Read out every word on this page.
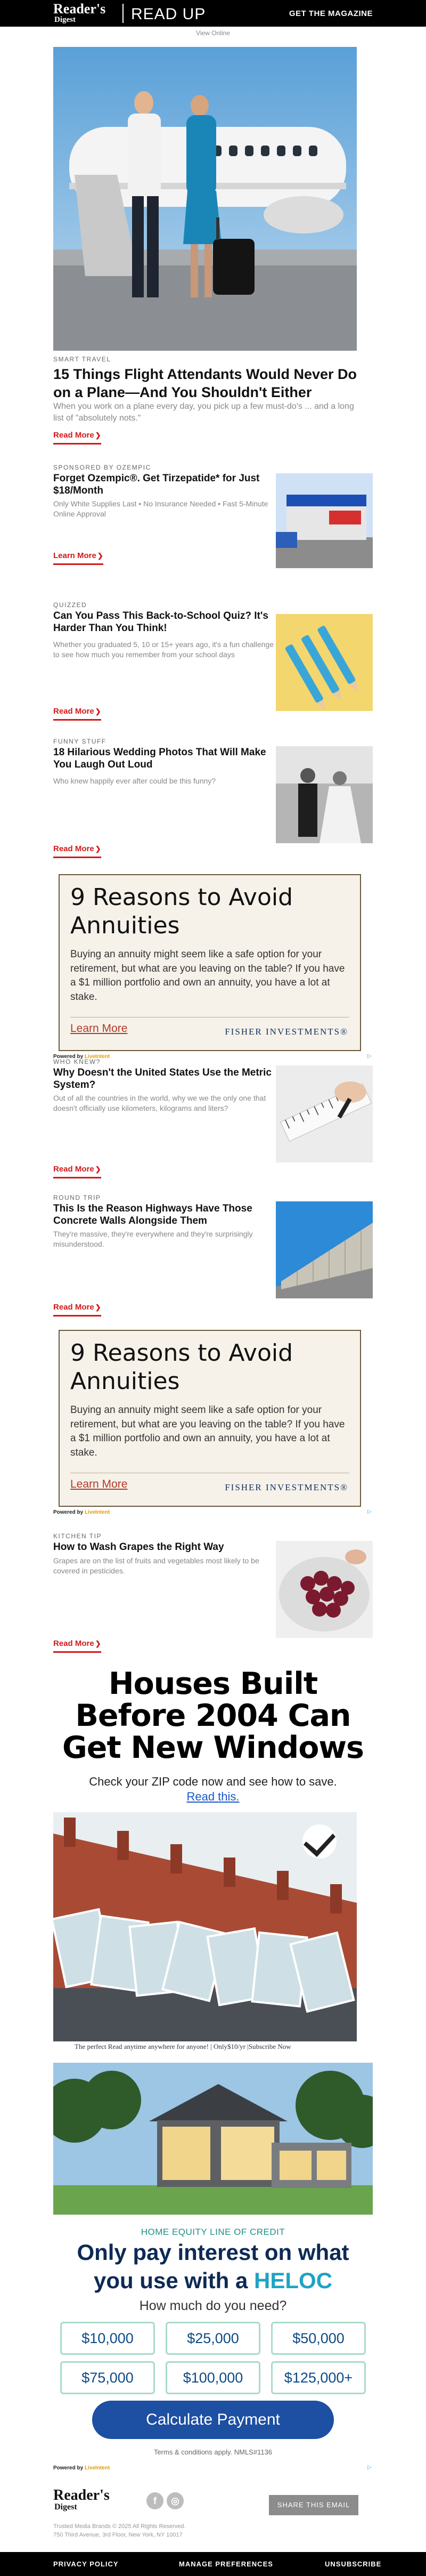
Reader's
Digest	READ UP	GET THE MAGAZINE
View Online
SMART TRAVEL
15 Things Flight Attendants Would Never Do on a Plane—And You Shouldn't Either
When you work on a plane every day, you pick up a few must-do's ... and a long list of "absolutely nots."
Read More ❯
SPONSORED BY OZEMPIC
Forget Ozempic®. Get Tirzepatide* for Just $18/Month
Only White Supplies Last • No Insurance Needed • Fast 5-Minute Online Approval
Learn More ❯
QUIZZED
Can You Pass This Back-to-School Quiz? It's Harder Than You Think!
Whether you graduated 5, 10 or 15+ years ago, it's a fun challenge to see how much you remember from your school days
Read More ❯
FUNNY STUFF
18 Hilarious Wedding Photos That Will Make You Laugh Out Loud
Who knew happily ever after could be this funny?
Read More ❯
9 Reasons to Avoid Annuities
Buying an annuity might seem like a safe option for your retirement, but what are you leaving on the table? If you have a $1 million portfolio and own an annuity, you have a lot at stake.
Learn More	FISHER INVESTMENTS®
Powered by LiveIntent	▷
WHO KNEW?
Why Doesn't the United States Use the Metric System?
Out of all the countries in the world, why we we the only one that doesn't officially use kilometers, kilograms and liters?
Read More ❯
ROUND TRIP
This Is the Reason Highways Have Those Concrete Walls Alongside Them
They're massive, they're everywhere and they're surprisingly misunderstood.
Read More ❯
9 Reasons to Avoid Annuities
Buying an annuity might seem like a safe option for your retirement, but what are you leaving on the table? If you have a $1 million portfolio and own an annuity, you have a lot at stake.
Learn More	FISHER INVESTMENTS®
Powered by LiveIntent	▷
KITCHEN TIP
How to Wash Grapes the Right Way
Grapes are on the list of fruits and vegetables most likely to be covered in pesticides.
Read More ❯
Houses Built
Before 2004 Can
Get New Windows
Check your ZIP code now and see how to save.
Read this.
The perfect Read anytime anywhere for anyone! | Only$10/yr |Subscribe Now
HOME EQUITY LINE OF CREDIT
Only pay interest on what
you use with a HELOC
How much do you need?
$10,000	$25,000	$50,000
$75,000	$100,000	$125,000+
Calculate Payment
Terms & conditions apply. NMLS#1136
Powered by LiveIntent	▷
Reader's
Digest
f	◎	SHARE THIS EMAIL
Trusted Media Brands © 2025 All Rights Reserved.
750 Third Avenue, 3rd Floor, New York, NY 10017
PRIVACY POLICY	MANAGE PREFERENCES	UNSUBSCRIBE
